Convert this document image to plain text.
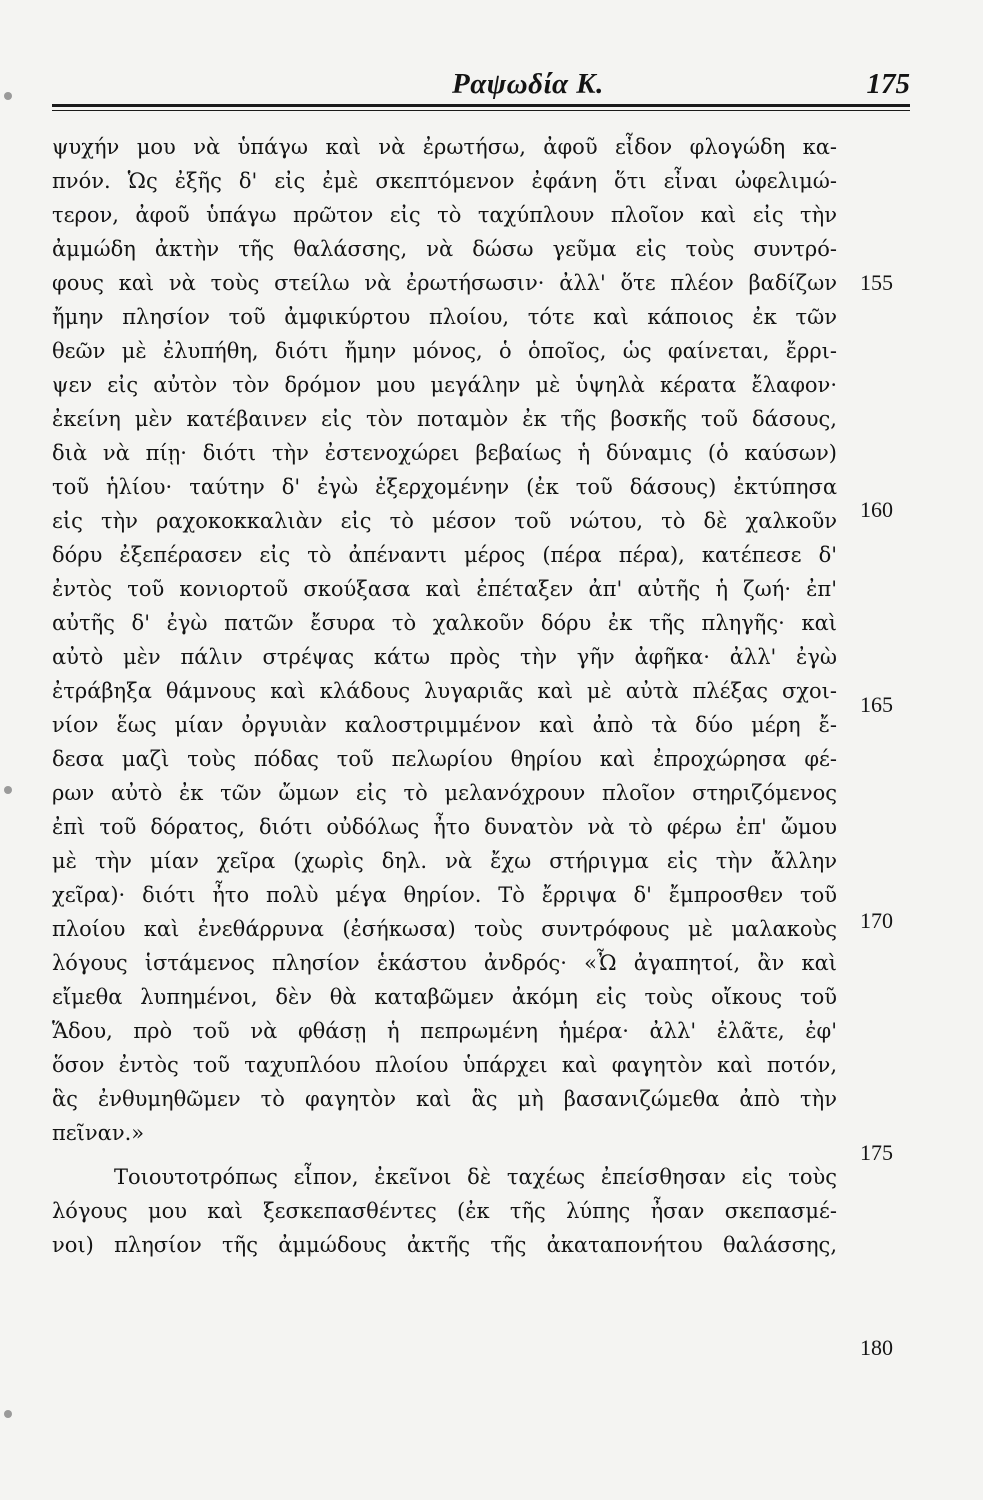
Ραψωδία Κ.	175
ψυχήν μου νὰ ὑπάγω καὶ νὰ ἐρωτήσω, ἀφοῦ εἶδον φλογώδη κα-
πνόν. Ὡς ἐξῆς δ' εἰς ἐμὲ σκεπτόμενον ἐφάνη ὅτι εἶναι ὠφελιμώ-
τερον, ἀφοῦ ὑπάγω πρῶτον εἰς τὸ ταχύπλουν πλοῖον καὶ εἰς τὴν
ἀμμώδη ἀκτὴν τῆς θαλάσσης, νὰ δώσω γεῦμα εἰς τοὺς συντρό-
φους καὶ νὰ τοὺς στείλω νὰ ἐρωτήσωσιν· ἀλλ' ὅτε πλέον βαδίζων
ἤμην πλησίον τοῦ ἀμφικύρτου πλοίου, τότε καὶ κάποιος ἐκ τῶν
θεῶν μὲ ἐλυπήθη, διότι ἤμην μόνος, ὁ ὁποῖος, ὡς φαίνεται, ἔρρι-
ψεν εἰς αὐτὸν τὸν δρόμον μου μεγάλην μὲ ὑψηλὰ κέρατα ἔλαφον·
ἐκείνη μὲν κατέβαινεν εἰς τὸν ποταμὸν ἐκ τῆς βοσκῆς τοῦ δάσους,
διὰ νὰ πίῃ· διότι τὴν ἐστενοχώρει βεβαίως ἡ δύναμις (ὁ καύσων)
τοῦ ἡλίου· ταύτην δ' ἐγὼ ἐξερχομένην (ἐκ τοῦ δάσους) ἐκτύπησα
εἰς τὴν ραχοκοκκαλιὰν εἰς τὸ μέσον τοῦ νώτου, τὸ δὲ χαλκοῦν
δόρυ ἐξεπέρασεν εἰς τὸ ἀπέναντι μέρος (πέρα πέρα), κατέπεσε δ'
ἐντὸς τοῦ κονιορτοῦ σκούξασα καὶ ἐπέταξεν ἀπ' αὐτῆς ἡ ζωή· ἐπ'
αὐτῆς δ' ἐγὼ πατῶν ἔσυρα τὸ χαλκοῦν δόρυ ἐκ τῆς πληγῆς· καὶ
αὐτὸ μὲν πάλιν στρέψας κάτω πρὸς τὴν γῆν ἀφῆκα· ἀλλ' ἐγὼ
ἐτράβηξα θάμνους καὶ κλάδους λυγαριᾶς καὶ μὲ αὐτὰ πλέξας σχοι-
νίον ἕως μίαν ὀργυιὰν καλοστριμμένον καὶ ἀπὸ τὰ δύο μέρη ἔ-
δεσα μαζὶ τοὺς πόδας τοῦ πελωρίου θηρίου καὶ ἐπροχώρησα φέ-
ρων αὐτὸ ἐκ τῶν ὤμων εἰς τὸ μελανόχρουν πλοῖον στηριζόμενος
ἐπὶ τοῦ δόρατος, διότι οὐδόλως ἦτο δυνατὸν νὰ τὸ φέρω ἐπ' ὤμου
μὲ τὴν μίαν χεῖρα (χωρὶς δηλ. νὰ ἔχω στήριγμα εἰς τὴν ἄλλην
χεῖρα)· διότι ἦτο πολὺ μέγα θηρίον. Τὸ ἔρριψα δ' ἔμπροσθεν τοῦ
πλοίου καὶ ἐνεθάρρυνα (ἐσήκωσα) τοὺς συντρόφους μὲ μαλακοὺς
λόγους ἱστάμενος πλησίον ἑκάστου ἀνδρός· «Ὦ ἀγαπητοί, ἂν καὶ
εἴμεθα λυπημένοι, δὲν θὰ καταβῶμεν ἀκόμη εἰς τοὺς οἴκους τοῦ
Ἅδου, πρὸ τοῦ νὰ φθάσῃ ἡ πεπρωμένη ἡμέρα· ἀλλ' ἐλᾶτε, ἐφ'
ὅσον ἐντὸς τοῦ ταχυπλόου πλοίου ὑπάρχει καὶ φαγητὸν καὶ ποτόν,
ἃς ἐνθυμηθῶμεν τὸ φαγητὸν καὶ ἃς μὴ βασανιζώμεθα ἀπὸ τὴν
πεῖναν.»
Τοιουτοτρόπως εἶπον, ἐκεῖνοι δὲ ταχέως ἐπείσθησαν εἰς τοὺς
λόγους μου καὶ ξεσκεπασθέντες (ἐκ τῆς λύπης ἦσαν σκεπασμέ-
νοι) πλησίον τῆς ἀμμώδους ἀκτῆς τῆς ἀκαταπονήτου θαλάσσης,
155
160
165
170
175
180
